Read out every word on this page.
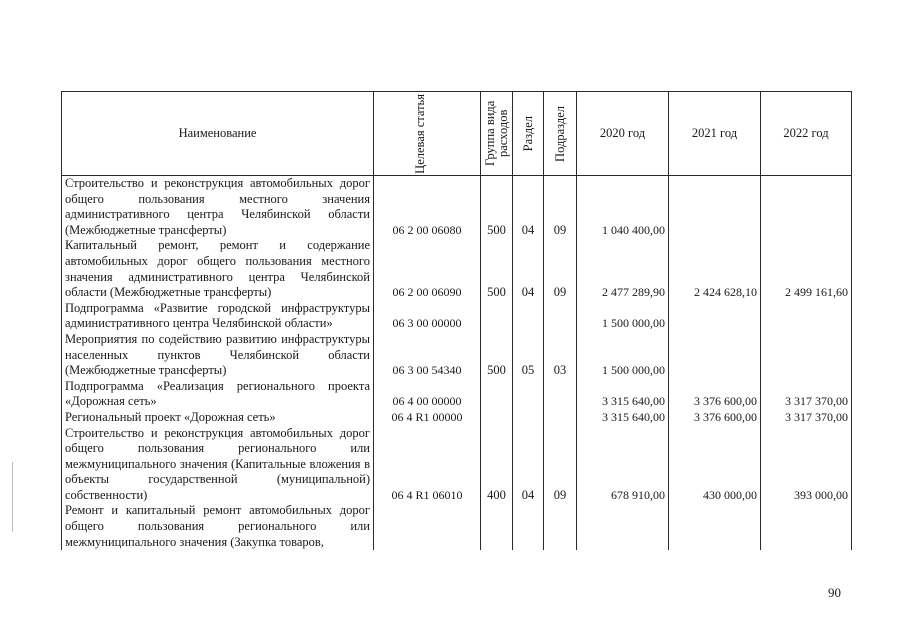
Наименование	Целевая статья	Группа вида расходов	Раздел	Подраздел	2020 год	2021 год	2022 год
Строительство и реконструкция автомобильных дорог общего пользования местного значения административного центра Челябинской области (Межбюджетные трансферты)	06 2 00 06080	500	04	09	1 040 400,00		
Капитальный ремонт, ремонт и содержание автомобильных дорог общего пользования местного значения административного центра Челябинской области (Межбюджетные трансферты)	06 2 00 06090	500	04	09	2 477 289,90	2 424 628,10	2 499 161,60
Подпрограмма «Развитие городской инфраструктуры административного центра Челябинской области»	06 3 00 00000				1 500 000,00		
Мероприятия по содействию развитию инфраструктуры населенных пунктов Челябинской области (Межбюджетные трансферты)	06 3 00 54340	500	05	03	1 500 000,00		
Подпрограмма «Реализация регионального проекта «Дорожная сеть»	06 4 00 00000				3 315 640,00	3 376 600,00	3 317 370,00
Региональный проект «Дорожная сеть»	06 4 R1 00000				3 315 640,00	3 376 600,00	3 317 370,00
Строительство и реконструкция автомобильных дорог общего пользования регионального или межмуниципального значения (Капитальные вложения в объекты государственной (муниципальной) собственности)	06 4 R1 06010	400	04	09	678 910,00	430 000,00	393 000,00
Ремонт и капитальный ремонт автомобильных дорог общего пользования регионального или межмуниципального значения (Закупка товаров,							
90
